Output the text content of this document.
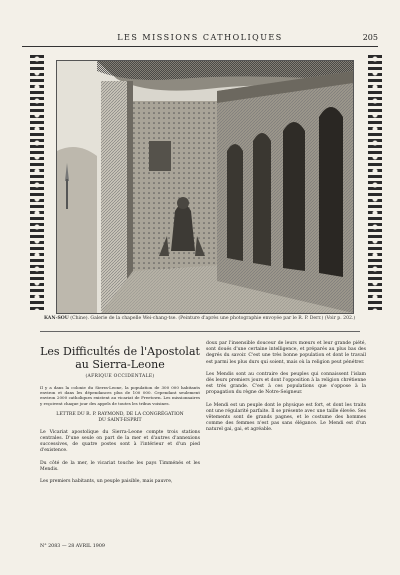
LES MISSIONS CATHOLIQUES	205
KAN-SOU (Chine). Galerie de la chapelle Wei-chang-tse. (Peinture d'après une photographie envoyée par le R. P. Derr.) (Voir p. 202.)
Les Difficultés de l'Apostolat
au Sierra-Leone
(AFRIQUE OCCIDENTALE)

Il y a dans la colonie du Sierra-Leone, la population de 300 000 habitants environ et dans les dépendances plus de 100 000. Cependant seulement environ 2000 catholiques existent au vicariat de Freetown. Les missionnaires y reçoivent chaque jour des appels de toutes les tribus voisines.

LETTRE DU R. P. RAYMOND, DE LA CONGRÉGATION
DU SAINT-ESPRIT

Le Vicariat apostolique du Sierra-Leone compte trois stations centrales. D'une seule on part de la mer et d'autres d'annexions successives, de quatre postes sont à l'intérieur et d'un pied d'existence.

Du côté de la mer, le vicariat touche les pays Timménés et les Mendis.

Les premiers habitants, un peuple paisible, mais pauvre,

doux par l'insensible douceur de leurs mœurs et leur grande piété, sont doués d'une certaine intelligence, et préparés au plus bas des degrés du savoir. C'est une très bonne population et dont le travail est parmi les plus durs qui soient, mais où la religion peut pénétrer.

Les Mendis sont au contraire des peuples qui connaissent l'islam dès leurs premiers jours et dont l'opposition à la religion chrétienne est très grande. C'est à ces populations que s'oppose à la propagation du règne de Notre-Seigneur.

Le Mendi est un peuple dont le physique est fort, et dont les traits ont une régularité parfaite. Il se présente avec une taille élevée. Ses vêtements sont de grands pagnes, et le costume des hommes comme des femmes n'est pas sans élégance. Le Mendi est d'un naturel gai, gai, et agréable.

N° 2083 — 28 AVRIL 1909
